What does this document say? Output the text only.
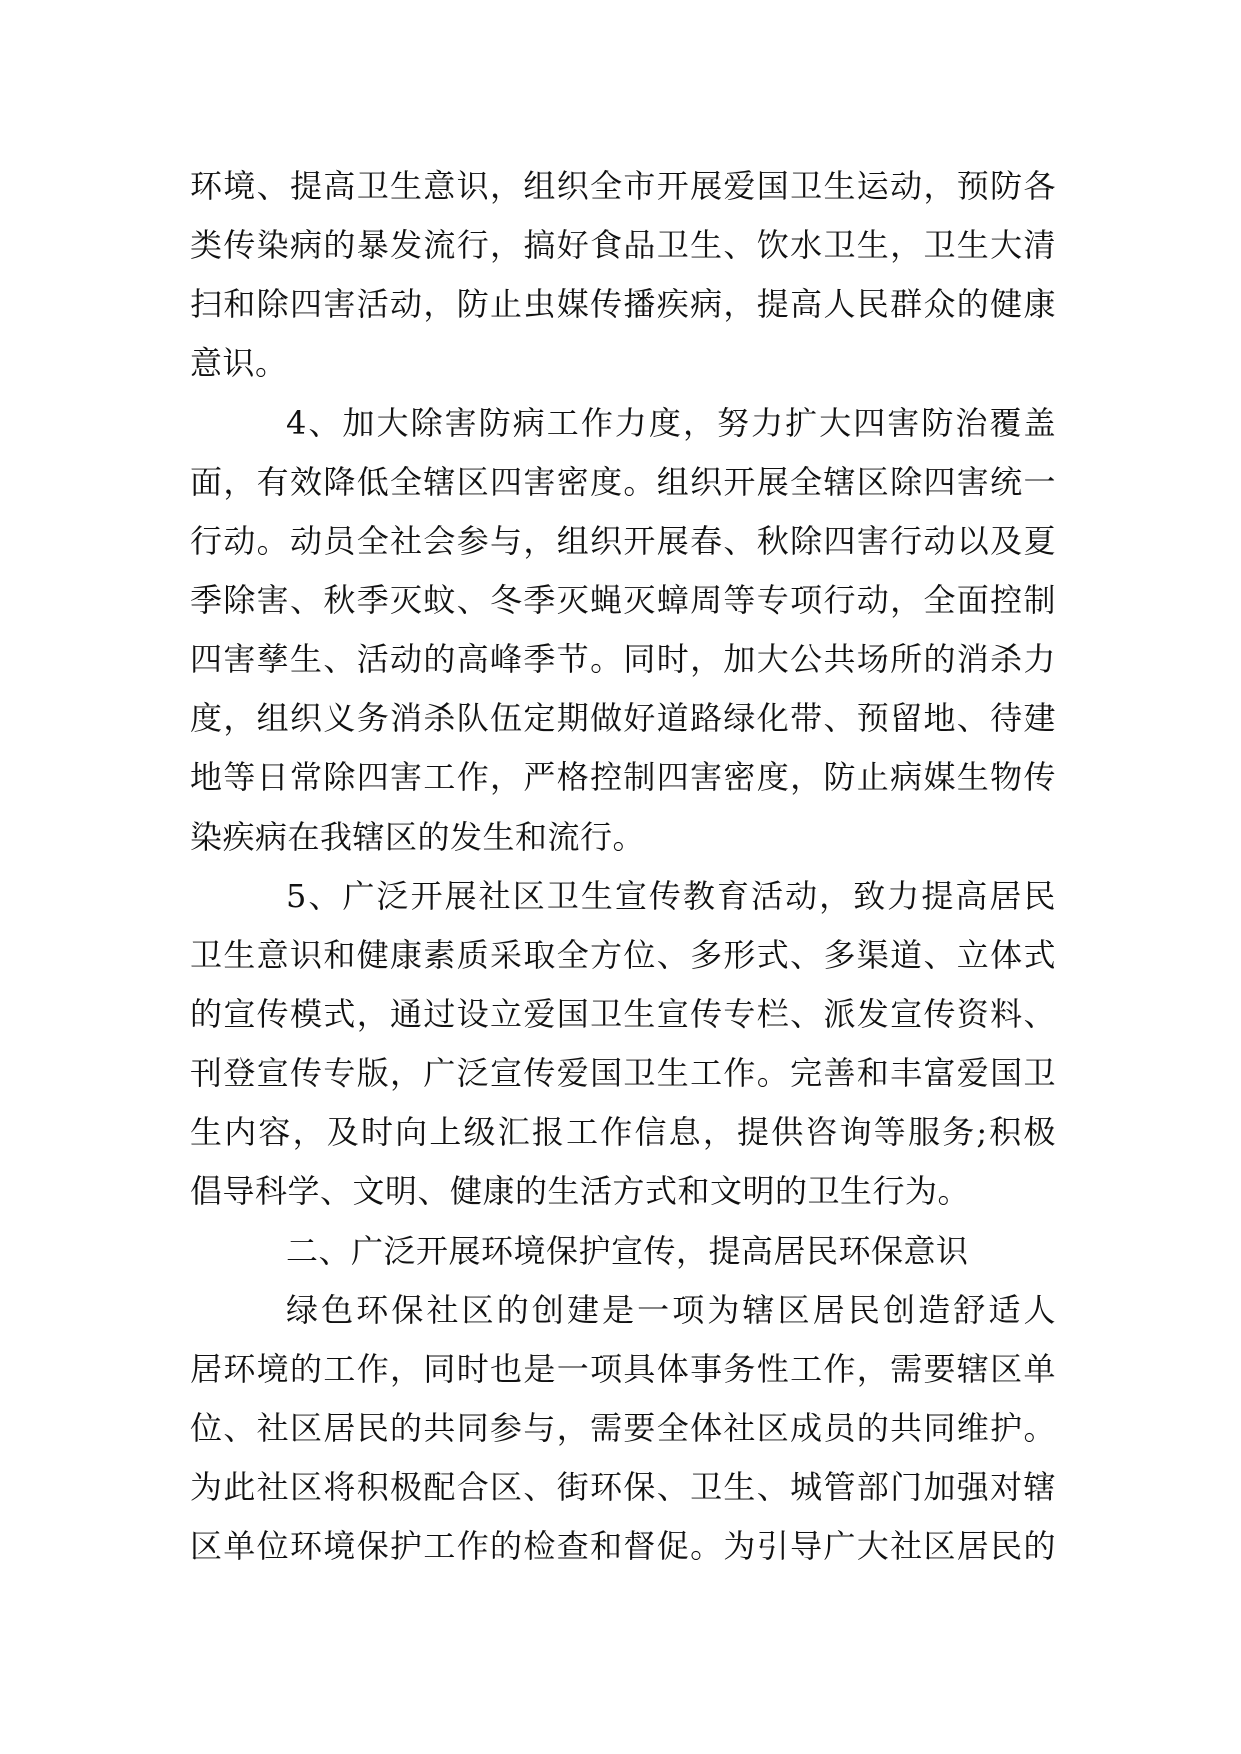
环境、提高卫生意识，组织全市开展爱国卫生运动，预防各
类传染病的暴发流行，搞好食品卫生、饮水卫生，卫生大清
扫和除四害活动，防止虫媒传播疾病，提高人民群众的健康
意识。
4、加大除害防病工作力度，努力扩大四害防治覆盖
面，有效降低全辖区四害密度。组织开展全辖区除四害统一
行动。动员全社会参与，组织开展春、秋除四害行动以及夏
季除害、秋季灭蚊、冬季灭蝇灭蟑周等专项行动，全面控制
四害孳生、活动的高峰季节。同时，加大公共场所的消杀力
度，组织义务消杀队伍定期做好道路绿化带、预留地、待建
地等日常除四害工作，严格控制四害密度，防止病媒生物传
染疾病在我辖区的发生和流行。
5、广泛开展社区卫生宣传教育活动，致力提高居民
卫生意识和健康素质采取全方位、多形式、多渠道、立体式
的宣传模式，通过设立爱国卫生宣传专栏、派发宣传资料、
刊登宣传专版，广泛宣传爱国卫生工作。完善和丰富爱国卫
生内容，及时向上级汇报工作信息，提供咨询等服务;积极
倡导科学、文明、健康的生活方式和文明的卫生行为。
二、广泛开展环境保护宣传，提高居民环保意识
绿色环保社区的创建是一项为辖区居民创造舒适人
居环境的工作，同时也是一项具体事务性工作，需要辖区单
位、社区居民的共同参与，需要全体社区成员的共同维护。
为此社区将积极配合区、街环保、卫生、城管部门加强对辖
区单位环境保护工作的检查和督促。为引导广大社区居民的
